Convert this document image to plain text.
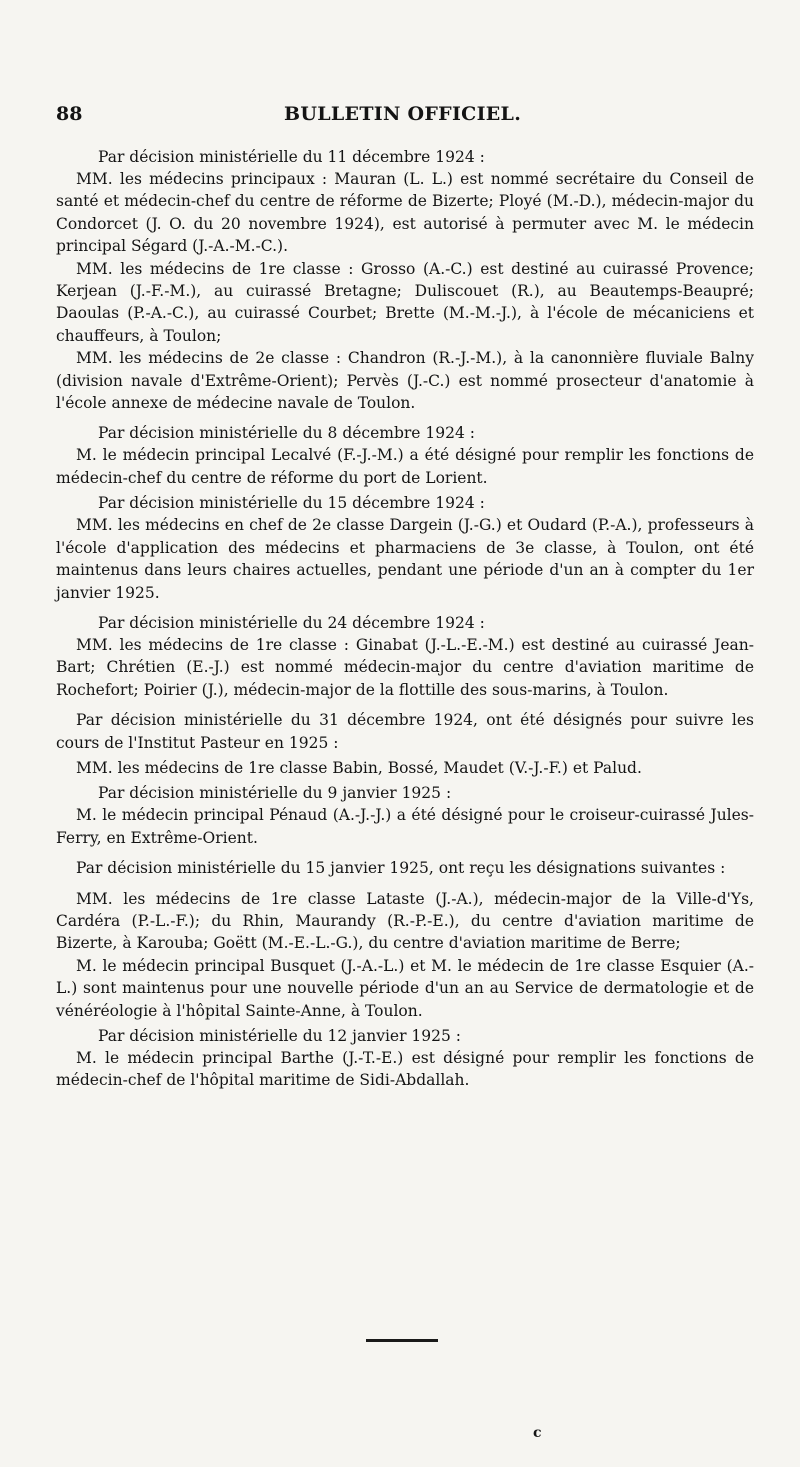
88	BULLETIN OFFICIEL.

Par décision ministérielle du 11 décembre 1924 :

MM. les médecins principaux : Mauran (L. L.) est nommé secrétaire du Conseil de santé et médecin-chef du centre de réforme de Bizerte; Ployé (M.-D.), médecin-major du Condorcet (J. O. du 20 novembre 1924), est autorisé à permuter avec M. le médecin principal Ségard (J.-A.-M.-C.).

MM. les médecins de 1re classe : Grosso (A.-C.) est destiné au cuirassé Provence; Kerjean (J.-F.-M.), au cuirassé Bretagne; Duliscouet (R.), au Beautemps-Beaupré; Daoulas (P.-A.-C.), au cuirassé Courbet; Brette (M.-M.-J.), à l'école de mécaniciens et chauffeurs, à Toulon;

MM. les médecins de 2e classe : Chandron (R.-J.-M.), à la canonnière fluviale Balny (division navale d'Extrême-Orient); Pervès (J.-C.) est nommé prosecteur d'anatomie à l'école annexe de médecine navale de Toulon.

Par décision ministérielle du 8 décembre 1924 :

M. le médecin principal Lecalvé (F.-J.-M.) a été désigné pour remplir les fonctions de médecin-chef du centre de réforme du port de Lorient.

Par décision ministérielle du 15 décembre 1924 :

MM. les médecins en chef de 2e classe Dargein (J.-G.) et Oudard (P.-A.), professeurs à l'école d'application des médecins et pharmaciens de 3e classe, à Toulon, ont été maintenus dans leurs chaires actuelles, pendant une période d'un an à compter du 1er janvier 1925.

Par décision ministérielle du 24 décembre 1924 :

MM. les médecins de 1re classe : Ginabat (J.-L.-E.-M.) est destiné au cuirassé Jean-Bart; Chrétien (E.-J.) est nommé médecin-major du centre d'aviation maritime de Rochefort; Poirier (J.), médecin-major de la flottille des sous-marins, à Toulon.

Par décision ministérielle du 31 décembre 1924, ont été désignés pour suivre les cours de l'Institut Pasteur en 1925 :

MM. les médecins de 1re classe Babin, Bossé, Maudet (V.-J.-F.) et Palud.

Par décision ministérielle du 9 janvier 1925 :

M. le médecin principal Pénaud (A.-J.-J.) a été désigné pour le croiseur-cuirassé Jules-Ferry, en Extrême-Orient.

Par décision ministérielle du 15 janvier 1925, ont reçu les désignations suivantes :

MM. les médecins de 1re classe Lataste (J.-A.), médecin-major de la Ville-d'Ys, Cardéra (P.-L.-F.); du Rhin, Maurandy (R.-P.-E.), du centre d'aviation maritime de Bizerte, à Karouba; Goëtt (M.-E.-L.-G.), du centre d'aviation maritime de Berre;

M. le médecin principal Busquet (J.-A.-L.) et M. le médecin de 1re classe Esquier (A.-L.) sont maintenus pour une nouvelle période d'un an au Service de dermatologie et de vénéréologie à l'hôpital Sainte-Anne, à Toulon.

Par décision ministérielle du 12 janvier 1925 :

M. le médecin principal Barthe (J.-T.-E.) est désigné pour remplir les fonctions de médecin-chef de l'hôpital maritime de Sidi-Abdallah.

c
